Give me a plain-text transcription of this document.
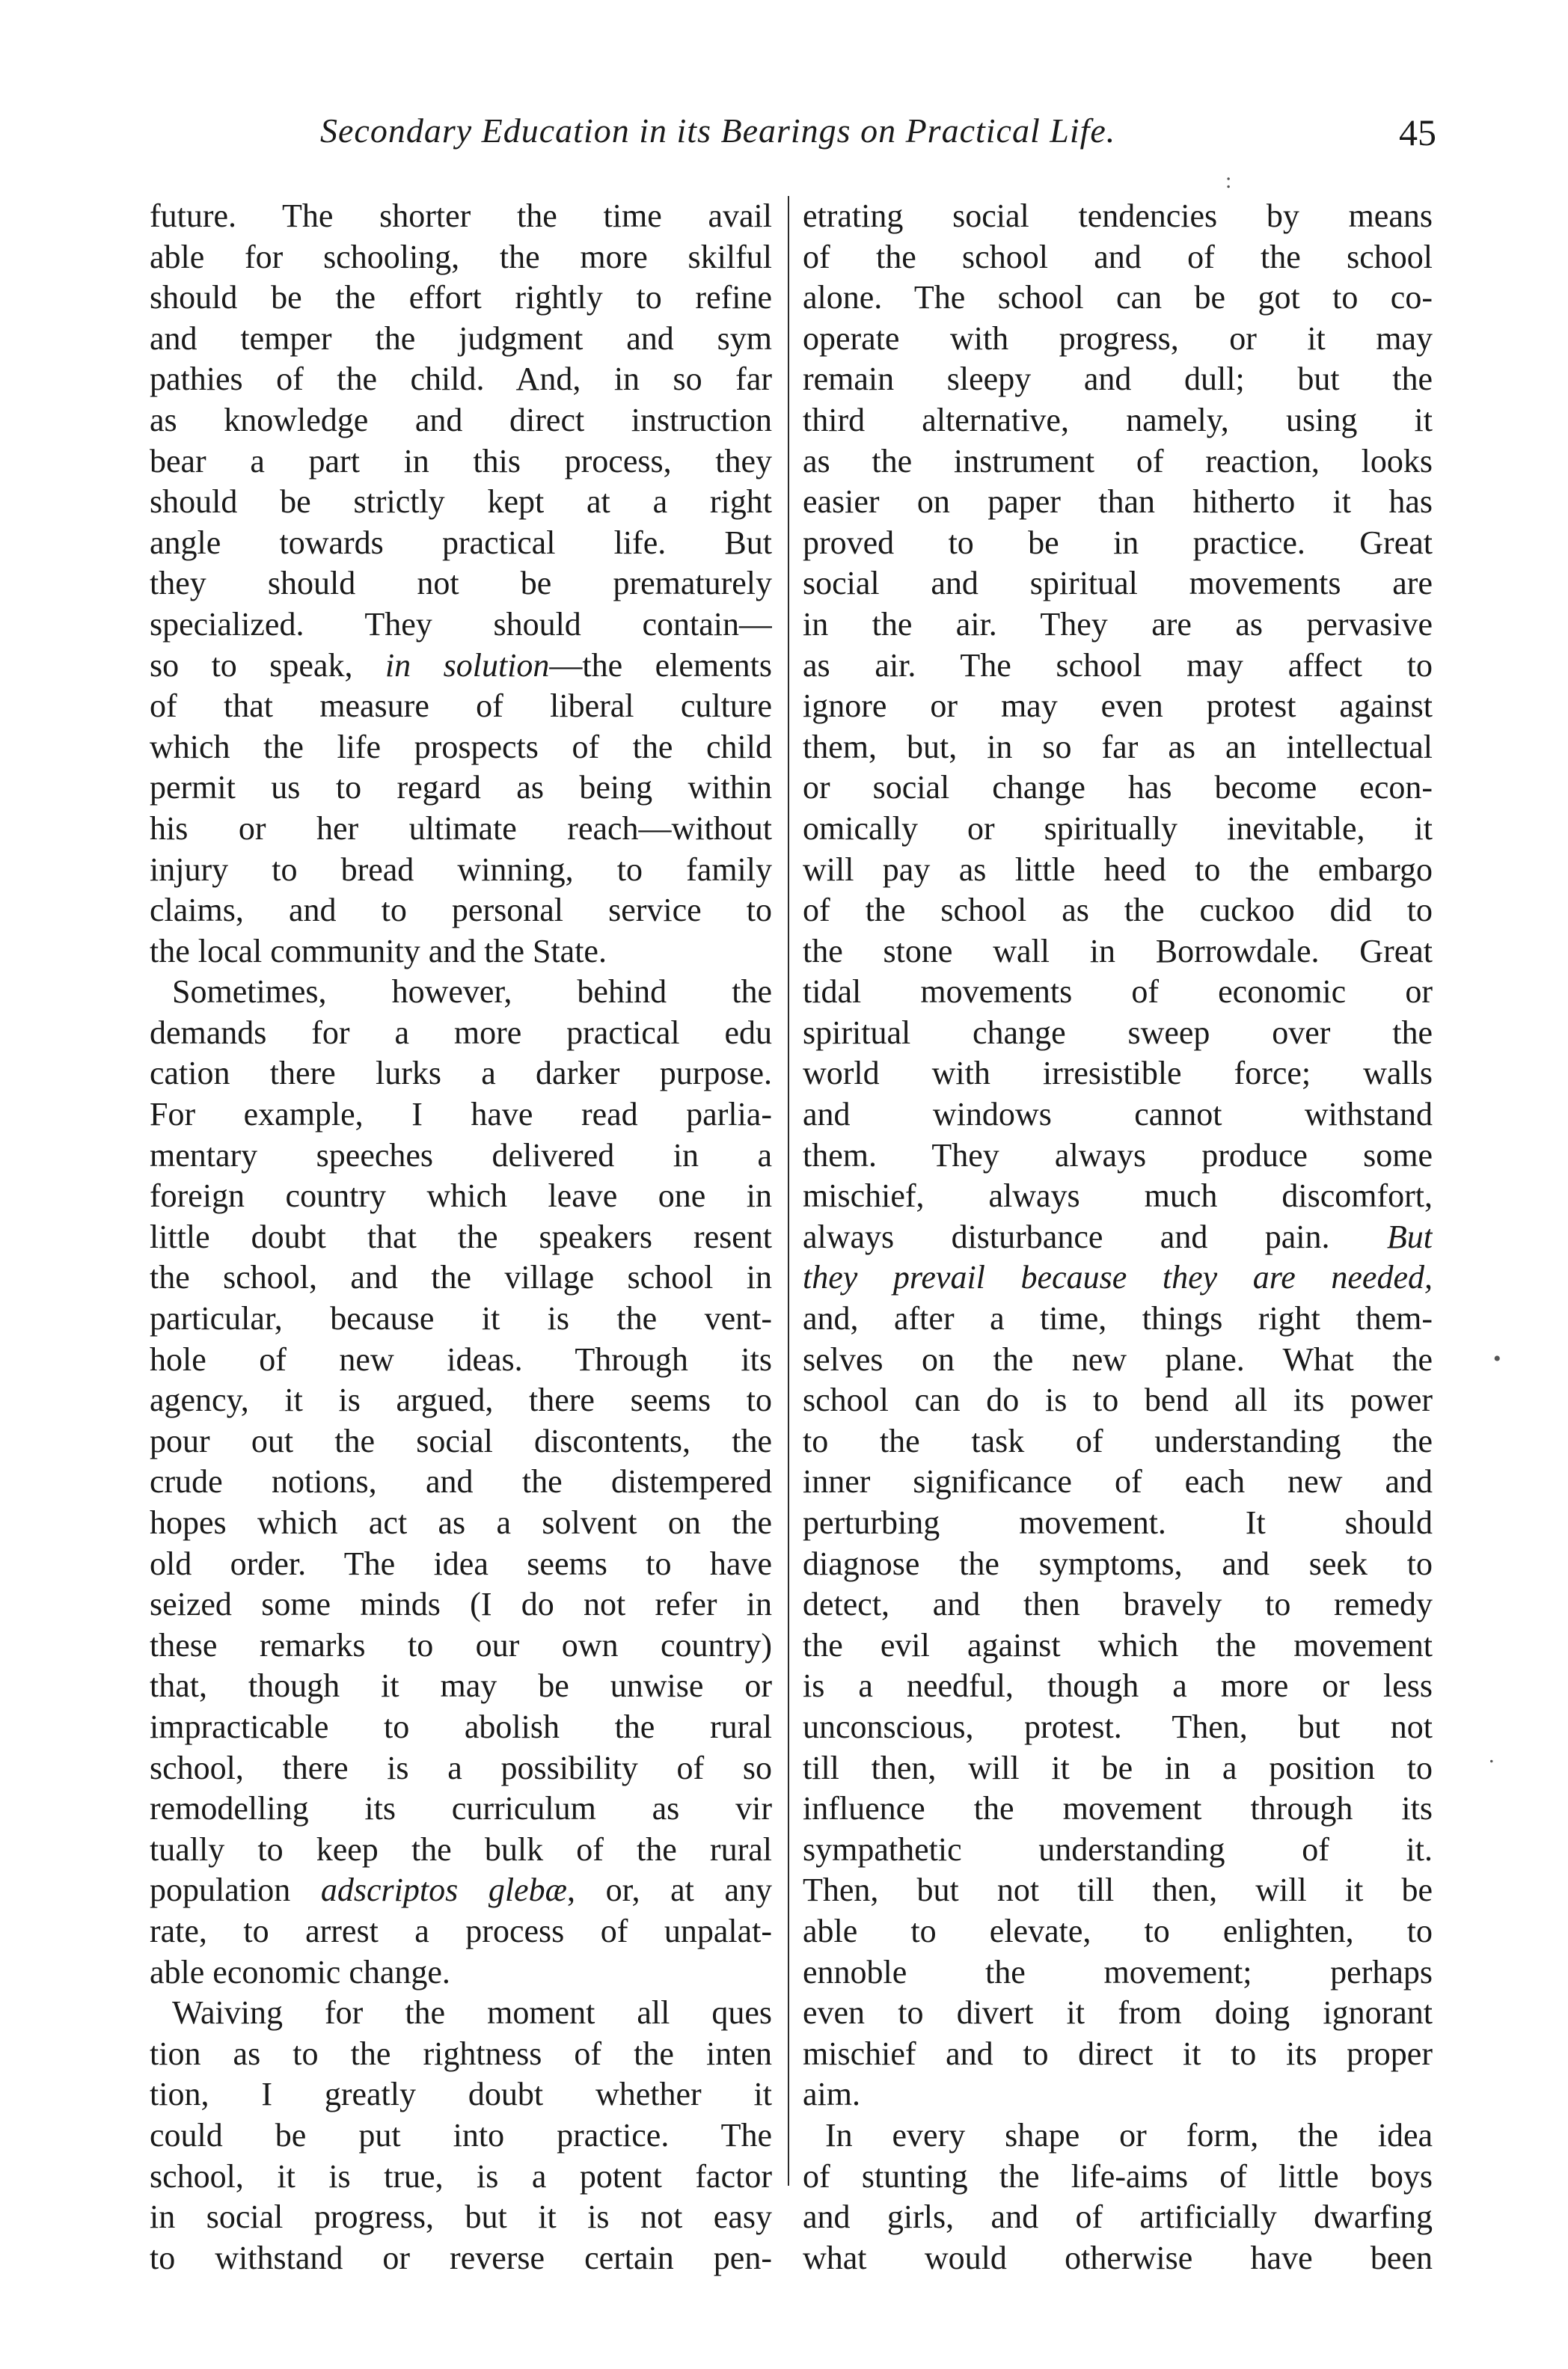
Secondary Education in its Bearings on Practical Life.	45
future. The shorter the time avail
able for schooling, the more skilful
should be the effort rightly to refine
and temper the judgment and sym
pathies of the child. And, in so far
as knowledge and direct instruction
bear a part in this process, they
should be strictly kept at a right
angle towards practical life. But
they should not be prematurely
specialized. They should contain—
so to speak, in solution—the elements
of that measure of liberal culture
which the life prospects of the child
permit us to regard as being within
his or her ultimate reach—without
injury to bread winning, to family
claims, and to personal service to
the local community and the State.
Sometimes, however, behind the
demands for a more practical edu
cation there lurks a darker purpose.
For example, I have read parlia-
mentary speeches delivered in a
foreign country which leave one in
little doubt that the speakers resent
the school, and the village school in
particular, because it is the vent-
hole of new ideas. Through its
agency, it is argued, there seems to
pour out the social discontents, the
crude notions, and the distempered
hopes which act as a solvent on the
old order. The idea seems to have
seized some minds (I do not refer in
these remarks to our own country)
that, though it may be unwise or
impracticable to abolish the rural
school, there is a possibility of so
remodelling its curriculum as vir
tually to keep the bulk of the rural
population adscriptos glebæ, or, at any
rate, to arrest a process of unpalat-
able economic change.
Waiving for the moment all ques
tion as to the rightness of the inten
tion, I greatly doubt whether it
could be put into practice. The
school, it is true, is a potent factor
in social progress, but it is not easy
to withstand or reverse certain pen-
etrating social tendencies by means
of the school and of the school
alone. The school can be got to co-
operate with progress, or it may
remain sleepy and dull; but the
third alternative, namely, using it
as the instrument of reaction, looks
easier on paper than hitherto it has
proved to be in practice. Great
social and spiritual movements are
in the air. They are as pervasive
as air. The school may affect to
ignore or may even protest against
them, but, in so far as an intellectual
or social change has become econ-
omically or spiritually inevitable, it
will pay as little heed to the embargo
of the school as the cuckoo did to
the stone wall in Borrowdale. Great
tidal movements of economic or
spiritual change sweep over the
world with irresistible force; walls
and windows cannot withstand
them. They always produce some
mischief, always much discomfort,
always disturbance and pain. But
they prevail because they are needed,
and, after a time, things right them-
selves on the new plane. What the
school can do is to bend all its power
to the task of understanding the
inner significance of each new and
perturbing movement. It should
diagnose the symptoms, and seek to
detect, and then bravely to remedy
the evil against which the movement
is a needful, though a more or less
unconscious, protest. Then, but not
till then, will it be in a position to
influence the movement through its
sympathetic understanding of it.
Then, but not till then, will it be
able to elevate, to enlighten, to
ennoble the movement; perhaps
even to divert it from doing ignorant
mischief and to direct it to its proper
aim.
In every shape or form, the idea
of stunting the life-aims of little boys
and girls, and of artificially dwarfing
what would otherwise have been
•
.
:
